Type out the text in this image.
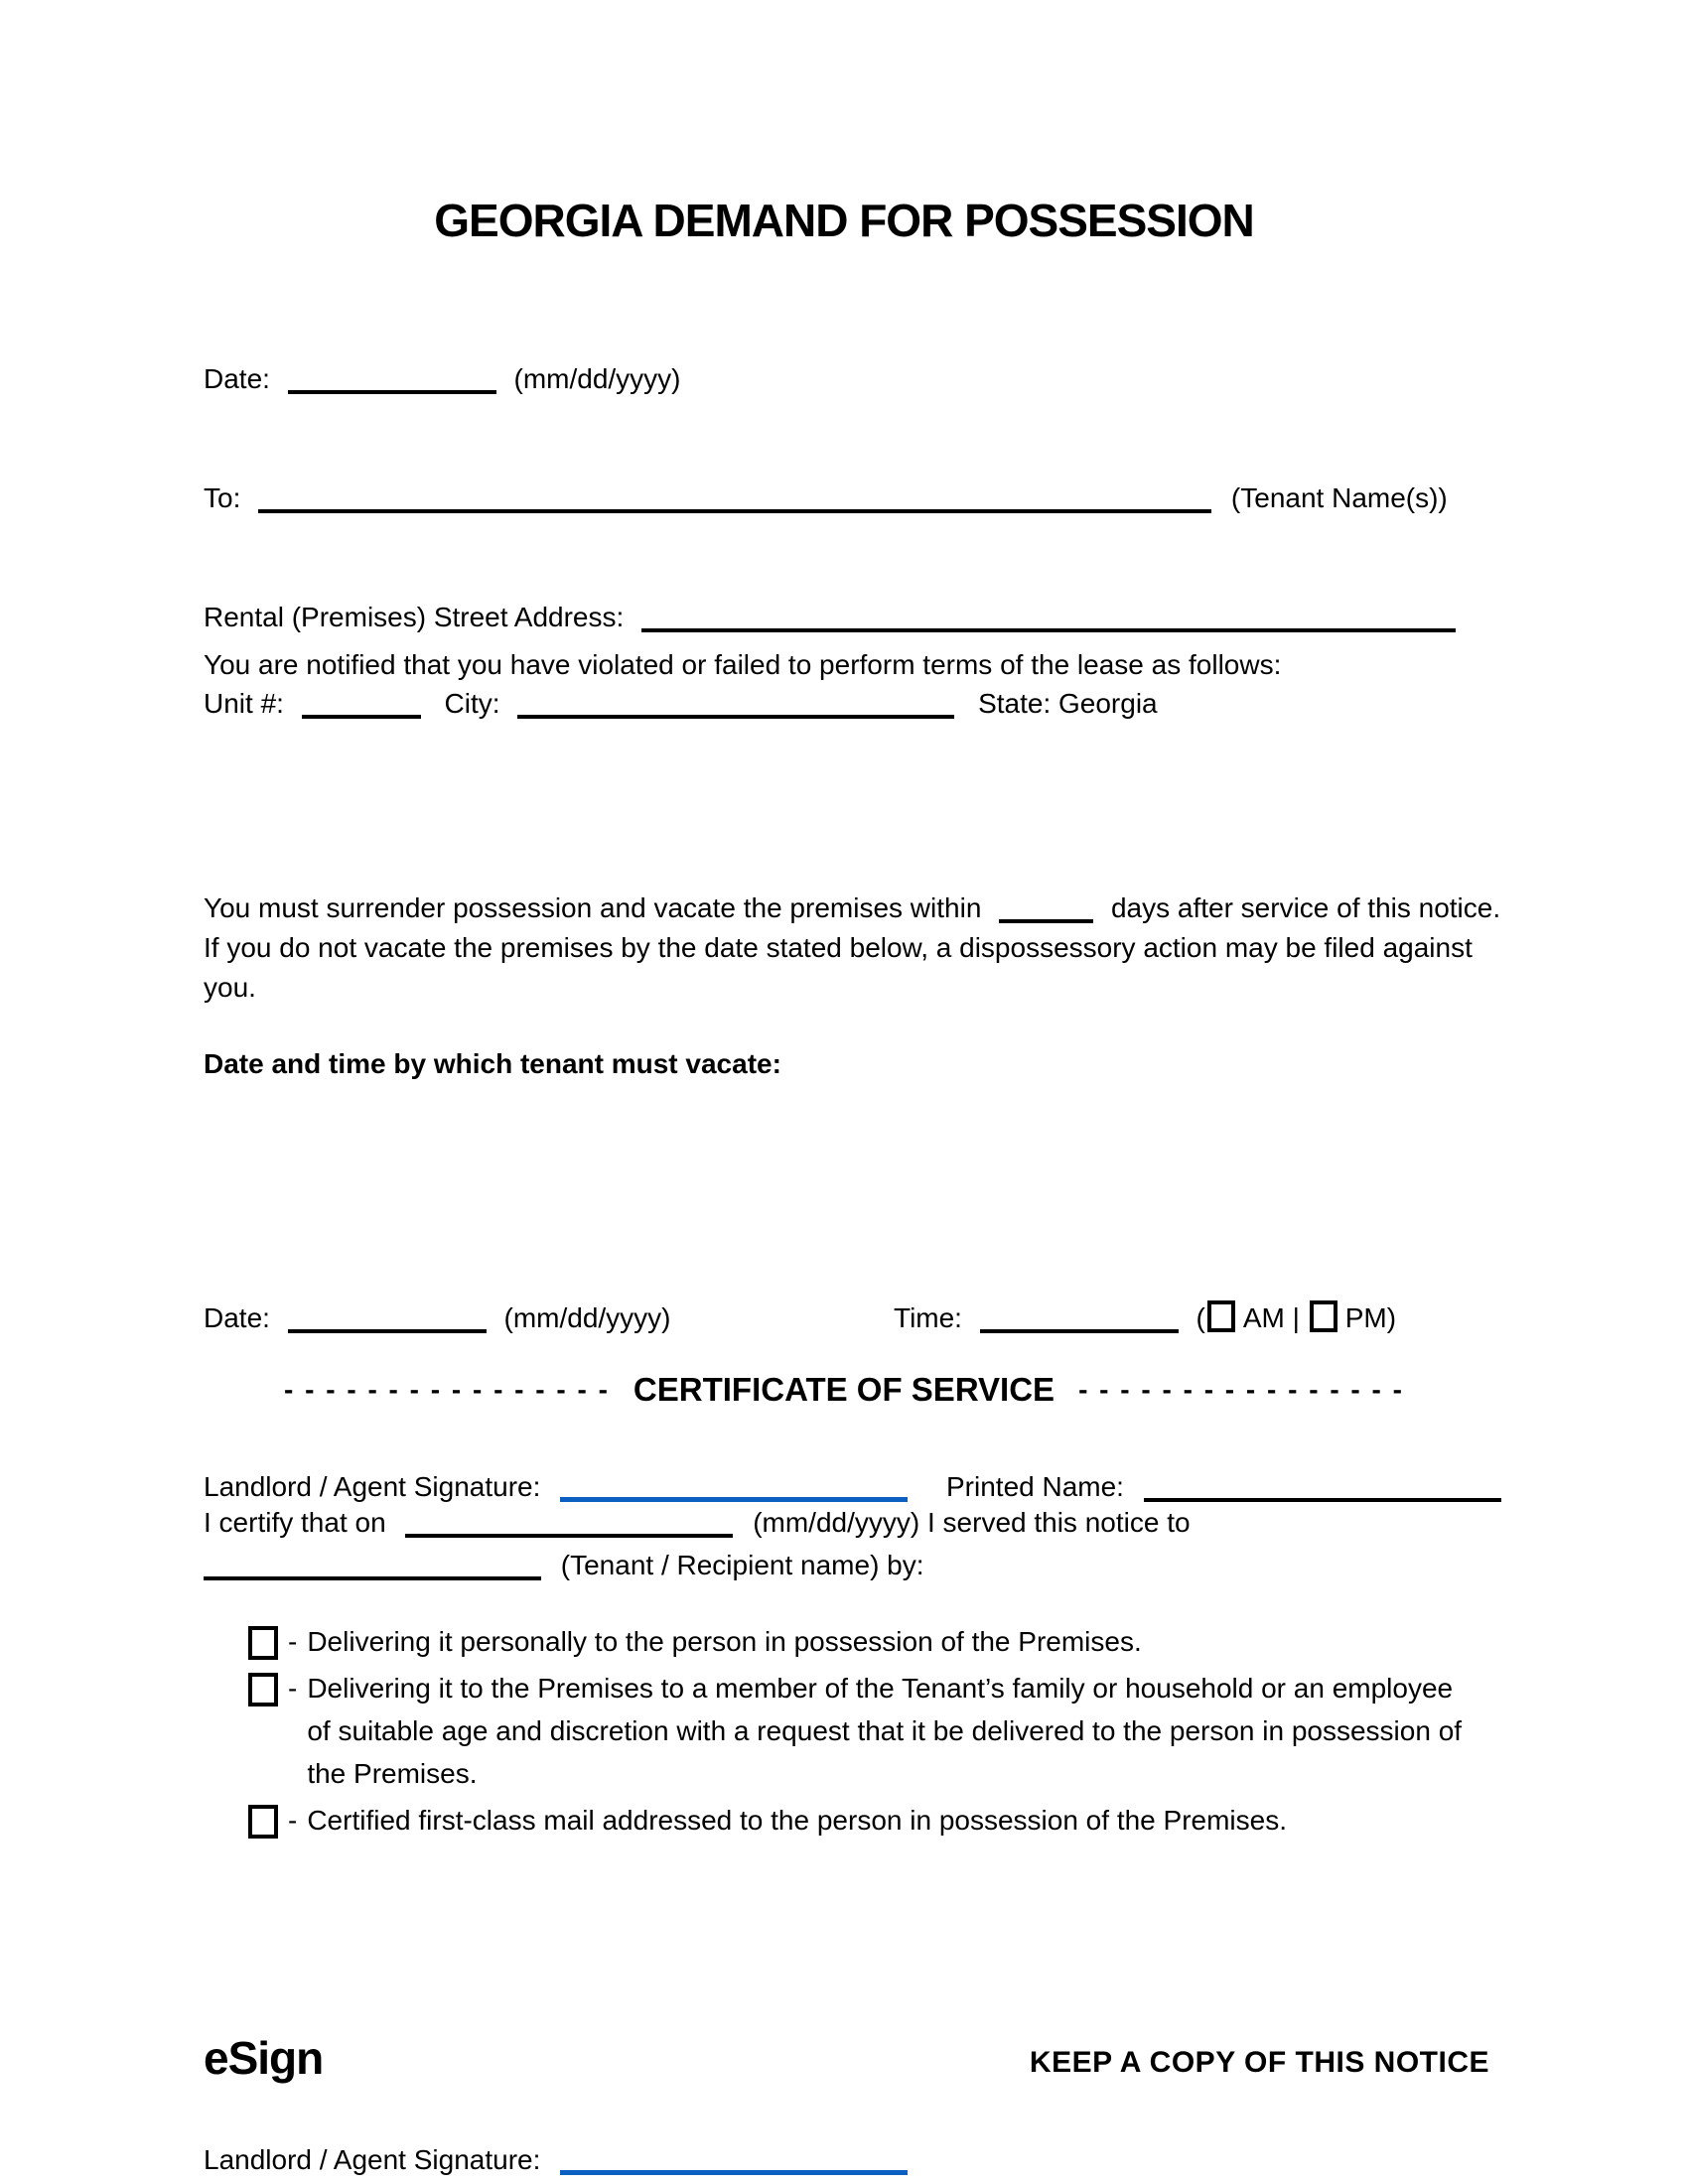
GEORGIA DEMAND FOR POSSESSION
Date:	(mm/dd/yyyy)
To:	(Tenant Name(s))
Rental (Premises) Street Address:
Unit #:	City:	State: Georgia
You are notified that you have violated or failed to perform terms of the lease as follows:
You must surrender possession and vacate the premises within	days after service of this notice. If you do not vacate the premises by the date stated below, a dispossessory action may be filed against you.
Date and time by which tenant must vacate:
Date:	(mm/dd/yyyy)	Time:	( AM | PM)
Landlord / Agent Signature:	Printed Name:
- - - - - - - - - - - - - - - - CERTIFICATE OF SERVICE - - - - - - - - - - - - - - - -
I certify that on	(mm/dd/yyyy) I served this notice to
(Tenant / Recipient name) by:
- Delivering it personally to the person in possession of the Premises.
- Delivering it to the Premises to a member of the Tenant’s family or household or an employee of suitable age and discretion with a request that it be delivered to the person in possession of the Premises.
- Certified first-class mail addressed to the person in possession of the Premises.
Landlord / Agent Signature:
eSign	KEEP A COPY OF THIS NOTICE
